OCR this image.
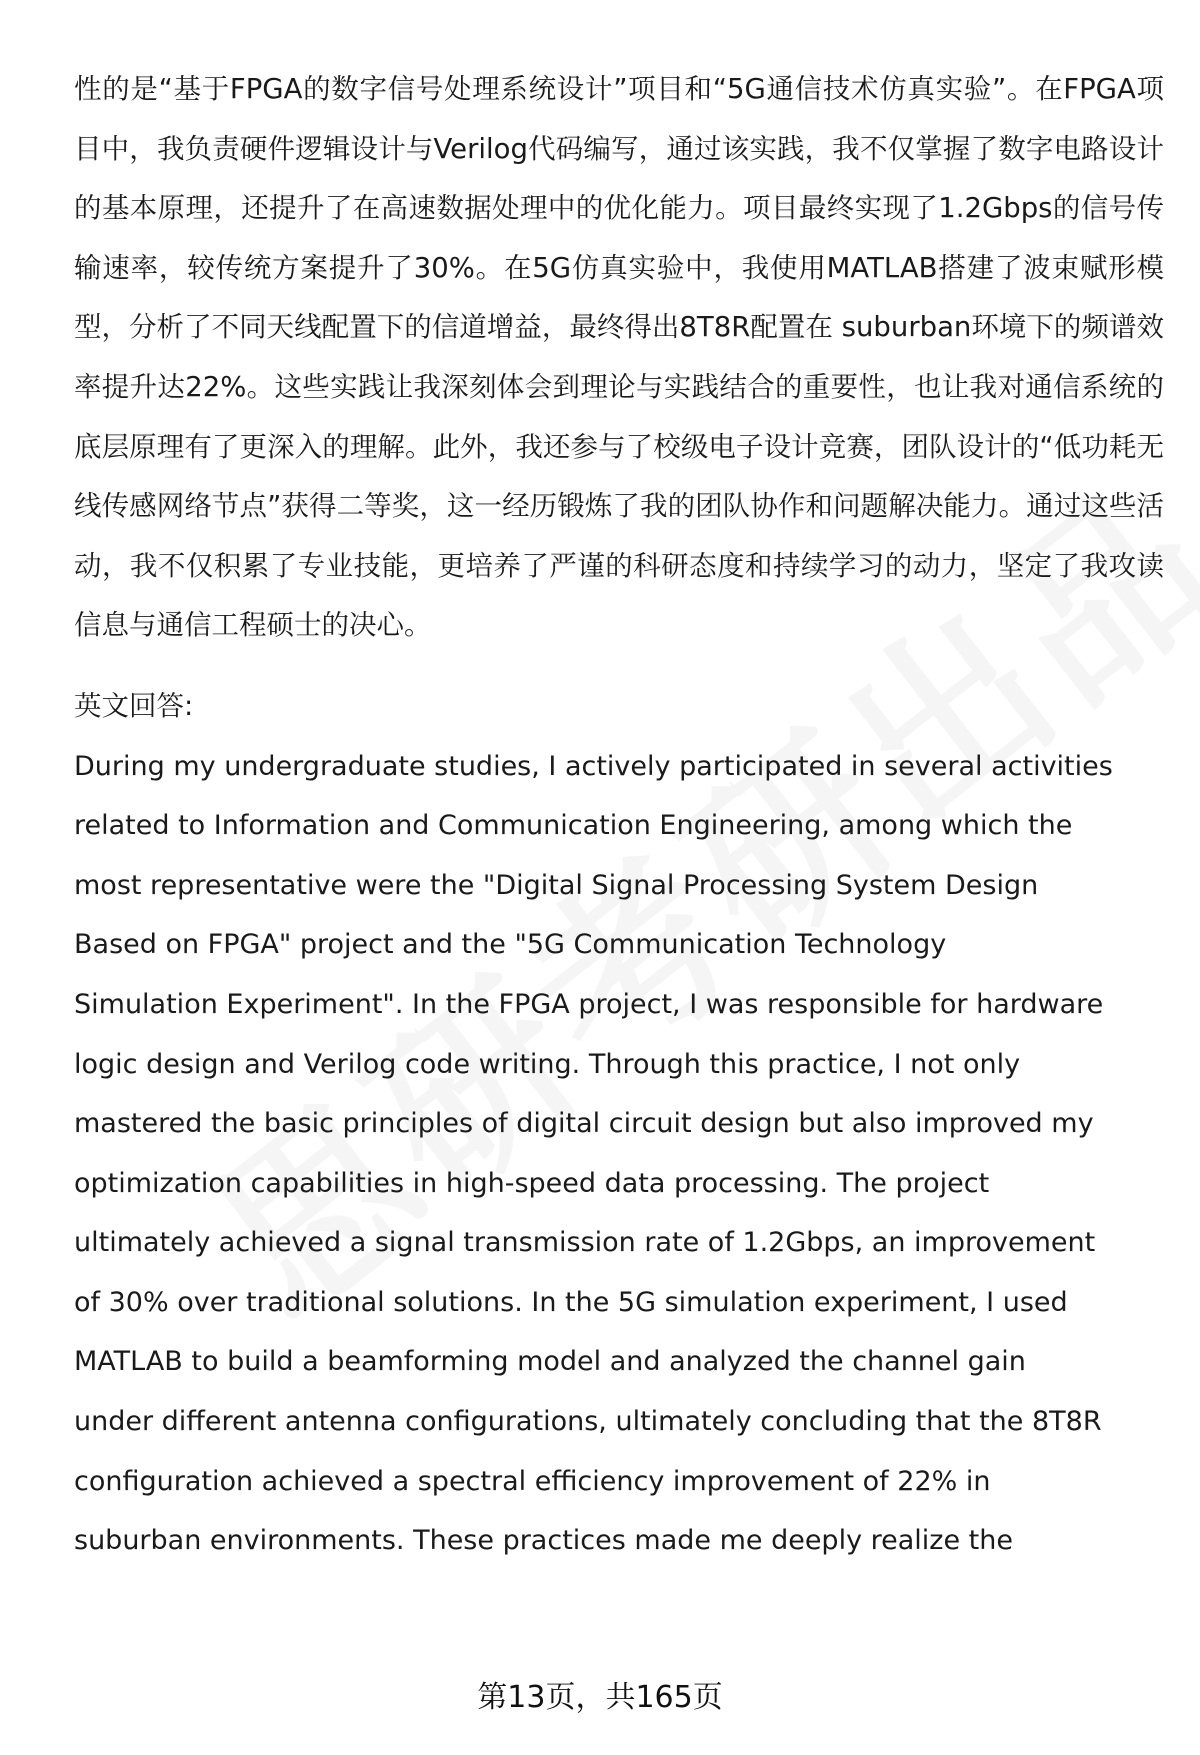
性的是“基于FPGA的数字信号处理系统设计”项目和“5G通信技术仿真实验”。在FPGA项目中，我负责硬件逻辑设计与Verilog代码编写，通过该实践，我不仅掌握了数字电路设计的基本原理，还提升了在高速数据处理中的优化能力。项目最终实现了1.2Gbps的信号传输速率，较传统方案提升了30%。在5G仿真实验中，我使用MATLAB搭建了波束赋形模型，分析了不同天线配置下的信道增益，最终得出8T8R配置在 suburban环境下的频谱效率提升达22%。这些实践让我深刻体会到理论与实践结合的重要性，也让我对通信系统的底层原理有了更深入的理解。此外，我还参与了校级电子设计竞赛，团队设计的“低功耗无线传感网络节点”获得二等奖，这一经历锻炼了我的团队协作和问题解决能力。通过这些活动，我不仅积累了专业技能，更培养了严谨的科研态度和持续学习的动力，坚定了我攻读信息与通信工程硕士的决心。

英文回答:

During my undergraduate studies, I actively participated in several activities
related to Information and Communication Engineering, among which the
most representative were the "Digital Signal Processing System Design
Based on FPGA" project and the "5G Communication Technology
Simulation Experiment". In the FPGA project, I was responsible for hardware
logic design and Verilog code writing. Through this practice, I not only
mastered the basic principles of digital circuit design but also improved my
optimization capabilities in high-speed data processing. The project
ultimately achieved a signal transmission rate of 1.2Gbps, an improvement
of 30% over traditional solutions. In the 5G simulation experiment, I used
MATLAB to build a beamforming model and analyzed the channel gain
under different antenna configurations, ultimately concluding that the 8T8R
configuration achieved a spectral efficiency improvement of 22% in
suburban environments. These practices made me deeply realize the
第13页，共165页
